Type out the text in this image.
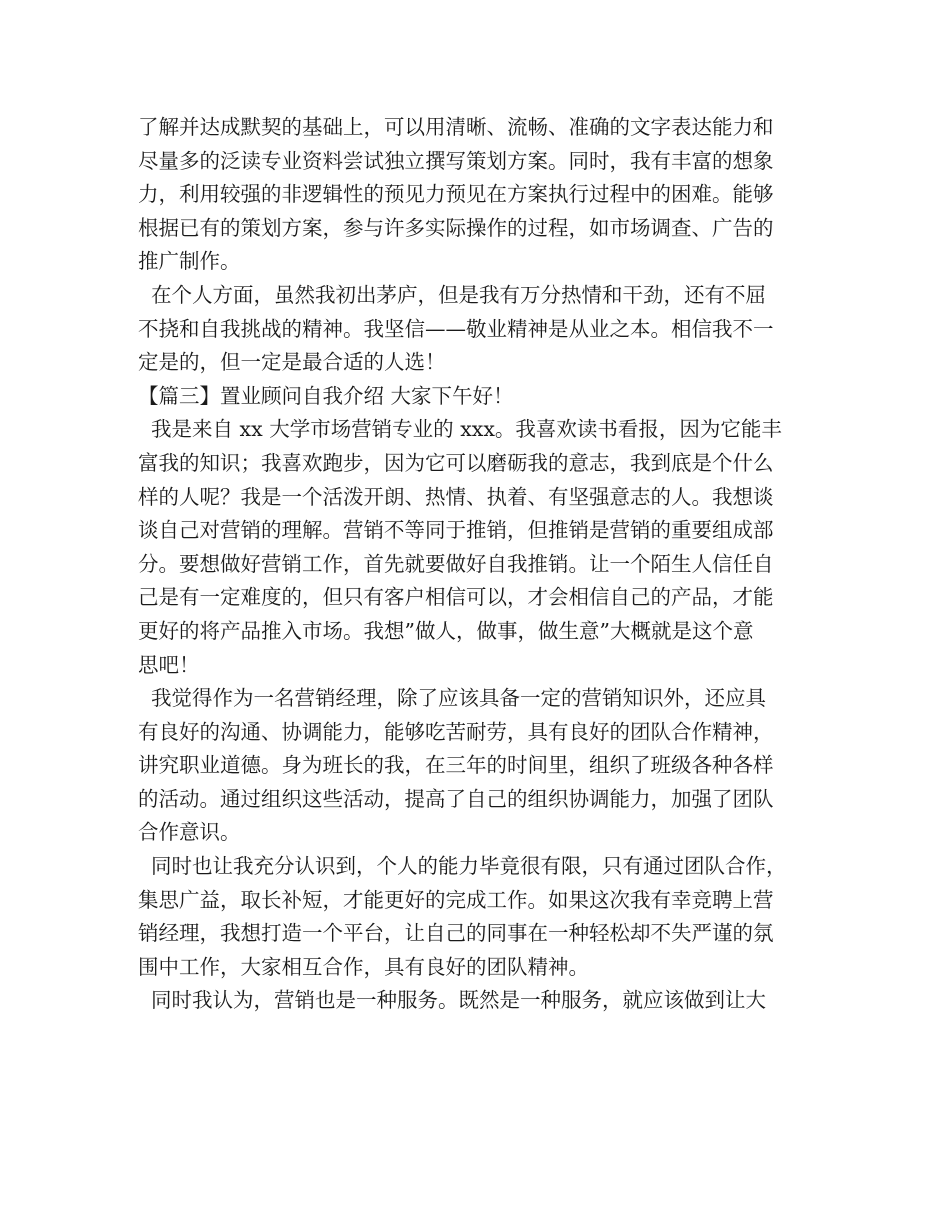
了解并达成默契的基础上，可以用清晰、流畅、准确的文字表达能力和
尽量多的泛读专业资料尝试独立撰写策划方案。同时，我有丰富的想象
力，利用较强的非逻辑性的预见力预见在方案执行过程中的困难。能够
根据已有的策划方案，参与许多实际操作的过程，如市场调查、广告的
推广制作。
在个人方面，虽然我初出茅庐，但是我有万分热情和干劲，还有不屈
不挠和自我挑战的精神。我坚信——敬业精神是从业之本。相信我不一
定是的，但一定是最合适的人选！
【篇三】置业顾问自我介绍 大家下午好！
我是来自 xx 大学市场营销专业的 xxx。我喜欢读书看报，因为它能丰
富我的知识；我喜欢跑步，因为它可以磨砺我的意志，我到底是个什么
样的人呢？我是一个活泼开朗、热情、执着、有坚强意志的人。我想谈
谈自己对营销的理解。营销不等同于推销，但推销是营销的重要组成部
分。要想做好营销工作，首先就要做好自我推销。让一个陌生人信任自
己是有一定难度的，但只有客户相信可以，才会相信自己的产品，才能
更好的将产品推入市场。我想”做人，做事，做生意”大概就是这个意
思吧！
我觉得作为一名营销经理，除了应该具备一定的营销知识外，还应具
有良好的沟通、协调能力，能够吃苦耐劳，具有良好的团队合作精神，
讲究职业道德。身为班长的我，在三年的时间里，组织了班级各种各样
的活动。通过组织这些活动，提高了自己的组织协调能力，加强了团队
合作意识。
同时也让我充分认识到，个人的能力毕竟很有限，只有通过团队合作，
集思广益，取长补短，才能更好的完成工作。如果这次我有幸竞聘上营
销经理，我想打造一个平台，让自己的同事在一种轻松却不失严谨的氛
围中工作，大家相互合作，具有良好的团队精神。
同时我认为，营销也是一种服务。既然是一种服务，就应该做到让大
